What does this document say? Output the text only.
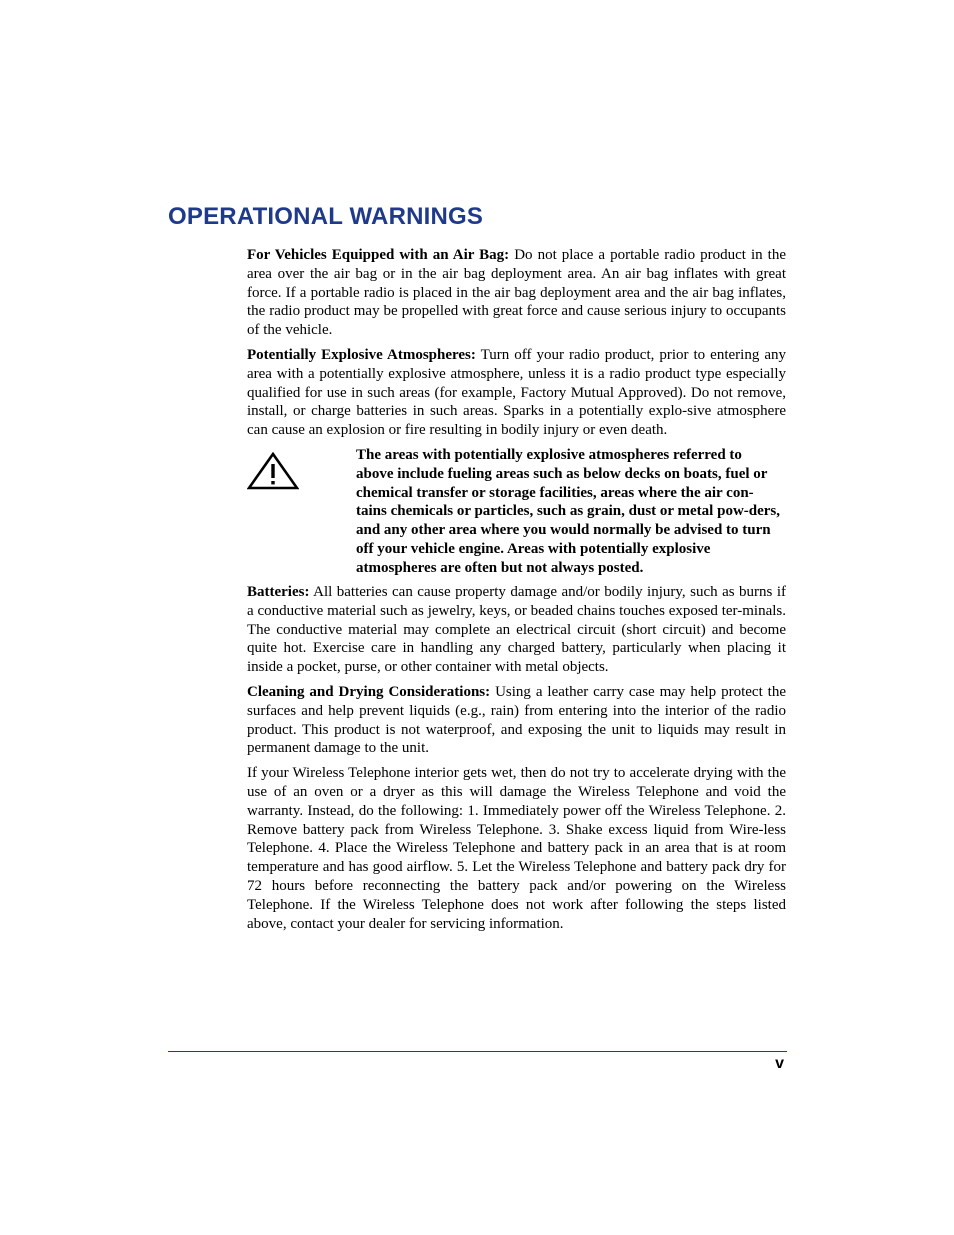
OPERATIONAL WARNINGS

For Vehicles Equipped with an Air Bag: Do not place a portable radio product in the area over the air bag or in the air bag deployment area. An air bag inflates with great force. If a portable radio is placed in the air bag deployment area and the air bag inflates, the radio product may be propelled with great force and cause serious injury to occupants of the vehicle.

Potentially Explosive Atmospheres: Turn off your radio product, prior to entering any area with a potentially explosive atmosphere, unless it is a radio product type especially qualified for use in such areas (for example, Factory Mutual Approved). Do not remove, install, or charge batteries in such areas. Sparks in a potentially explo-sive atmosphere can cause an explosion or fire resulting in bodily injury or even death.

The areas with potentially explosive atmospheres referred to above include fueling areas such as below decks on boats, fuel or chemical transfer or storage facilities, areas where the air con-tains chemicals or particles, such as grain, dust or metal pow-ders, and any other area where you would normally be advised to turn off your vehicle engine. Areas with potentially explosive atmospheres are often but not always posted.

Batteries: All batteries can cause property damage and/or bodily injury, such as burns if a conductive material such as jewelry, keys, or beaded chains touches exposed ter-minals. The conductive material may complete an electrical circuit (short circuit) and become quite hot. Exercise care in handling any charged battery, particularly when placing it inside a pocket, purse, or other container with metal objects.

Cleaning and Drying Considerations: Using a leather carry case may help protect the surfaces and help prevent liquids (e.g., rain) from entering into the interior of the radio product. This product is not waterproof, and exposing the unit to liquids may result in permanent damage to the unit.

If your Wireless Telephone interior gets wet, then do not try to accelerate drying with the use of an oven or a dryer as this will damage the Wireless Telephone and void the warranty. Instead, do the following: 1. Immediately power off the Wireless Telephone. 2. Remove battery pack from Wireless Telephone. 3. Shake excess liquid from Wire-less Telephone. 4. Place the Wireless Telephone and battery pack in an area that is at room temperature and has good airflow. 5. Let the Wireless Telephone and battery pack dry for 72 hours before reconnecting the battery pack and/or powering on the Wireless Telephone. If the Wireless Telephone does not work after following the steps listed above, contact your dealer for servicing information.

v
